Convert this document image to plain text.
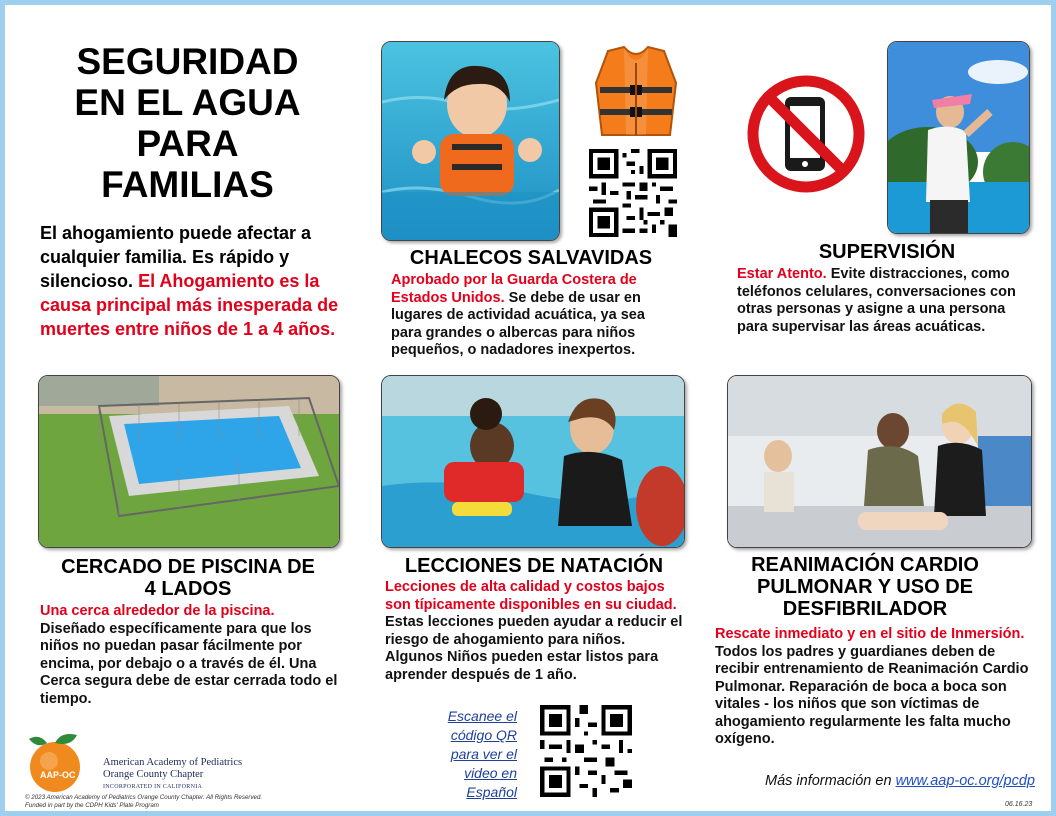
SEGURIDAD
EN EL AGUA
PARA
FAMILIAS
El ahogamiento puede afectar a cualquier familia. Es rápido y silencioso. El Ahogamiento es la causa principal más inesperada de muertes entre niños de 1 a 4 años.
CHALECOS SALVAVIDAS
Aprobado por la Guarda Costera de Estados Unidos. Se debe de usar en lugares de actividad acuática, ya sea para grandes o albercas para niños pequeños, o nadadores inexpertos.
SUPERVISIÓN
Estar Atento. Evite distracciones, como teléfonos celulares, conversaciones con otras personas y asigne a una persona para supervisar las áreas acuáticas.
CERCADO DE PISCINA DE
4 LADOS
Una cerca alrededor de la piscina.
Diseñado específicamente para que los niños no puedan pasar fácilmente por encima, por debajo o a través de él. Una Cerca segura debe de estar cerrada todo el tiempo.
LECCIONES DE NATACIÓN
Lecciones de alta calidad y costos bajos son típicamente disponibles en su ciudad. Estas lecciones pueden ayudar a reducir el riesgo de ahogamiento para niños. Algunos Niños pueden estar listos para aprender después de 1 año.
REANIMACIÓN CARDIO
PULMONAR Y USO DE
DESFIBRILADOR
Rescate inmediato y en el sitio de Inmersión. Todos los padres y guardianes deben de recibir entrenamiento de Reanimación Cardio Pulmonar. Reparación de boca a boca son vitales - los niños que son víctimas de ahogamiento regularmente les falta mucho oxígeno.
Escanee el
código QR
para ver el
video en
Español
Más información en www.aap-oc.org/pcdp
AAP-OC
American Academy of Pediatrics
Orange County Chapter
INCORPORATED IN CALIFORNIA
© 2023 American Academy of Pediatrics Orange County Chapter. All Rights Reserved.
Funded in part by the CDPH Kids' Plate Program	06.16.23
